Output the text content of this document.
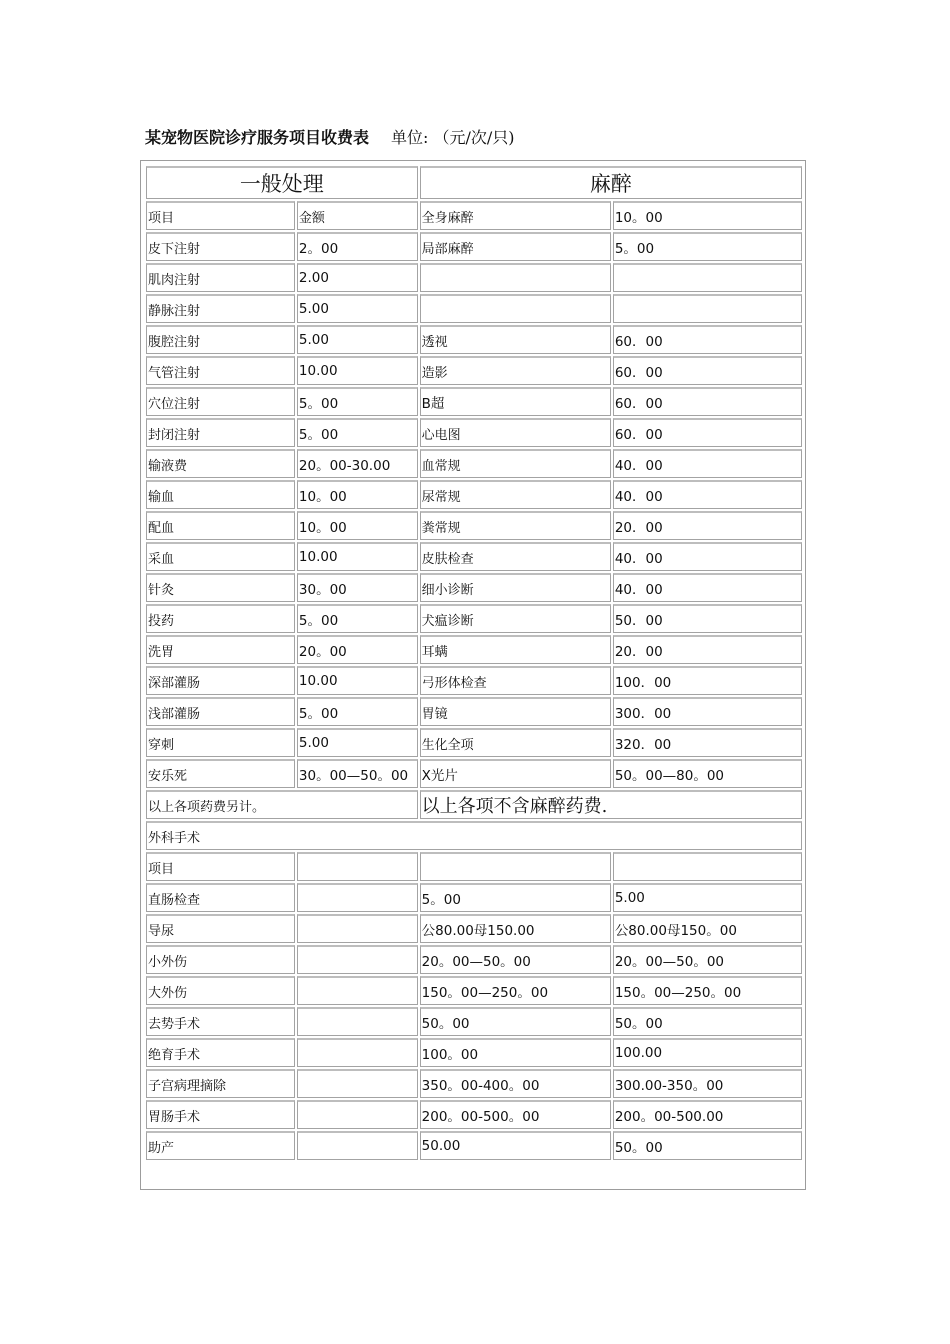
某宠物医院诊疗服务项目收费表 单位: （元/次/只)
一般处理		麻醉	
项目	金额	全身麻醉	10。00
皮下注射	2。00	局部麻醉	5。00
肌肉注射	2.00		
静脉注射	5.00		
腹腔注射	5.00	透视	60．00
气管注射	10.00	造影	60．00
穴位注射	5。00	B超	60．00
封闭注射	5。00	心电图	60．00
输液费	20。00-30.00	血常规	40．00
输血	10。00	尿常规	40．00
配血	10。00	粪常规	20．00
采血	10.00	皮肤检查	40．00
针灸	30。00	细小诊断	40．00
投药	5。00	犬瘟诊断	50．00
洗胃	20。00	耳螨	20．00
深部灌肠	10.00	弓形体检查	100．00
浅部灌肠	5。00	胃镜	300．00
穿刺	5.00	生化全项	320．00
安乐死	30。00—50。00	X光片	50。00—80。00
以上各项药费另计。		以上各项不含麻醉药费.	
外科手术			
项目			
直肠检查		5。00	5.00
导尿		公80.00母150.00	公80.00母150。00
小外伤		20。00—50。00	20。00—50。00
大外伤		150。00—250。00	150。00—250。00
去势手术		50。00	50。00
绝育手术		100。00	100.00
子宫病理摘除		350。00-400。00	300.00-350。00
胃肠手术		200。00-500。00	200。00-500.00
助产		50.00	50。00
